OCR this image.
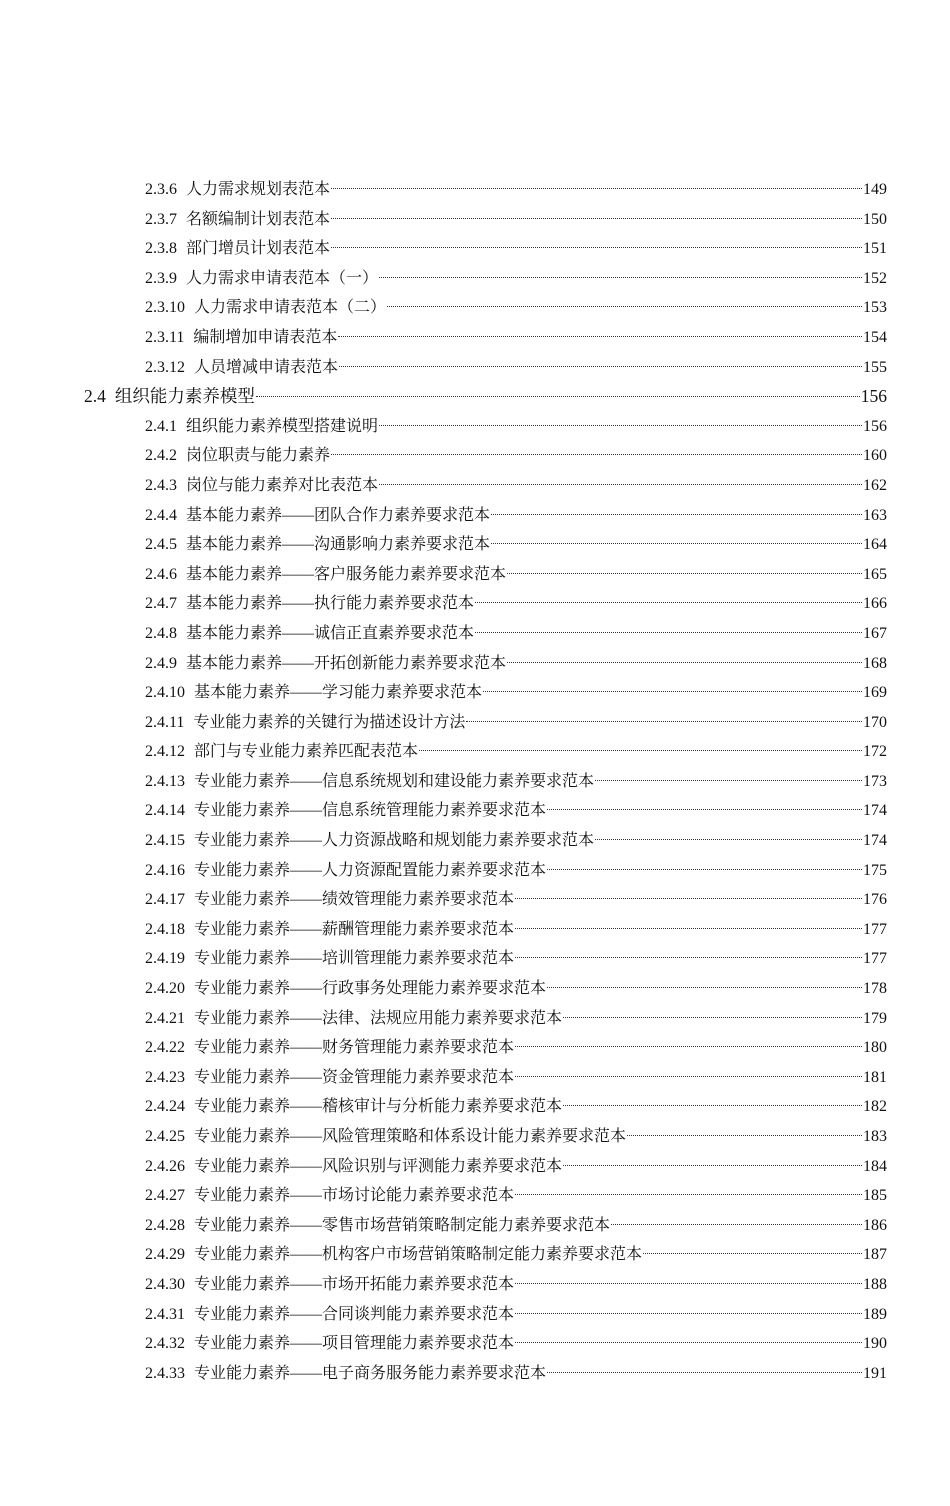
2.3.6 人力需求规划表范本	149
2.3.7 名额编制计划表范本	150
2.3.8 部门增员计划表范本	151
2.3.9 人力需求申请表范本（一）	152
2.3.10 人力需求申请表范本（二）	153
2.3.11 编制增加申请表范本	154
2.3.12 人员增减申请表范本	155
2.4 组织能力素养模型	156
2.4.1 组织能力素养模型搭建说明	156
2.4.2 岗位职责与能力素养	160
2.4.3 岗位与能力素养对比表范本	162
2.4.4 基本能力素养——团队合作力素养要求范本	163
2.4.5 基本能力素养——沟通影响力素养要求范本	164
2.4.6 基本能力素养——客户服务能力素养要求范本	165
2.4.7 基本能力素养——执行能力素养要求范本	166
2.4.8 基本能力素养——诚信正直素养要求范本	167
2.4.9 基本能力素养——开拓创新能力素养要求范本	168
2.4.10 基本能力素养——学习能力素养要求范本	169
2.4.11 专业能力素养的关键行为描述设计方法	170
2.4.12 部门与专业能力素养匹配表范本	172
2.4.13 专业能力素养——信息系统规划和建设能力素养要求范本	173
2.4.14 专业能力素养——信息系统管理能力素养要求范本	174
2.4.15 专业能力素养——人力资源战略和规划能力素养要求范本	174
2.4.16 专业能力素养——人力资源配置能力素养要求范本	175
2.4.17 专业能力素养——绩效管理能力素养要求范本	176
2.4.18 专业能力素养——薪酬管理能力素养要求范本	177
2.4.19 专业能力素养——培训管理能力素养要求范本	177
2.4.20 专业能力素养——行政事务处理能力素养要求范本	178
2.4.21 专业能力素养——法律、法规应用能力素养要求范本	179
2.4.22 专业能力素养——财务管理能力素养要求范本	180
2.4.23 专业能力素养——资金管理能力素养要求范本	181
2.4.24 专业能力素养——稽核审计与分析能力素养要求范本	182
2.4.25 专业能力素养——风险管理策略和体系设计能力素养要求范本	183
2.4.26 专业能力素养——风险识别与评测能力素养要求范本	184
2.4.27 专业能力素养——市场讨论能力素养要求范本	185
2.4.28 专业能力素养——零售市场营销策略制定能力素养要求范本	186
2.4.29 专业能力素养——机构客户市场营销策略制定能力素养要求范本	187
2.4.30 专业能力素养——市场开拓能力素养要求范本	188
2.4.31 专业能力素养——合同谈判能力素养要求范本	189
2.4.32 专业能力素养——项目管理能力素养要求范本	190
2.4.33 专业能力素养——电子商务服务能力素养要求范本	191
